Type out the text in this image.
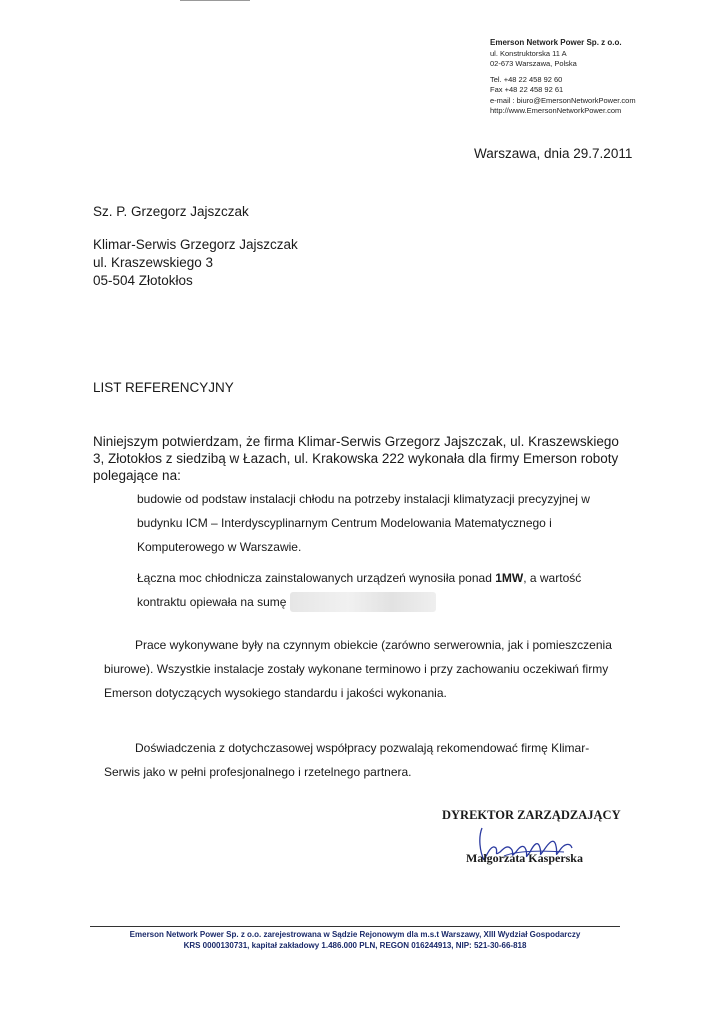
Emerson Network Power Sp. z o.o.
ul. Konstruktorska 11 A
02-673 Warszawa, Polska
Tel. +48 22 458 92 60
Fax +48 22 458 92 61
e-mail : biuro@EmersonNetworkPower.com
http://www.EmersonNetworkPower.com
Warszawa, dnia 29.7.2011
Sz. P. Grzegorz Jajszczak
Klimar-Serwis Grzegorz Jajszczak
ul. Kraszewskiego 3
05-504 Złotokłos
LIST REFERENCYJNY
Niniejszym potwierdzam, że firma Klimar-Serwis Grzegorz Jajszczak, ul. Kraszewskiego 3, Złotokłos z siedzibą w Łazach, ul. Krakowska 222 wykonała dla firmy Emerson roboty polegające na:
budowie od podstaw instalacji chłodu na potrzeby instalacji klimatyzacji precyzyjnej w budynku ICM – Interdyscyplinarnym Centrum Modelowania Matematycznego i Komputerowego w Warszawie.
Łączna moc chłodnicza zainstalowanych urządzeń wynosiła ponad 1MW, a wartość kontraktu opiewała na sumę
Prace wykonywane były na czynnym obiekcie (zarówno serwerownia, jak i pomieszczenia biurowe). Wszystkie instalacje zostały wykonane terminowo i przy zachowaniu oczekiwań firmy Emerson dotyczących wysokiego standardu i jakości wykonania.
Doświadczenia z dotychczasowej współpracy pozwalają rekomendować firmę Klimar-Serwis jako w pełni profesjonalnego i rzetelnego partnera.
DYREKTOR ZARZĄDZAJĄCY
Małgorzata Kasperska
Emerson Network Power Sp. z o.o. zarejestrowana w Sądzie Rejonowym dla m.s.t Warszawy, XIII Wydział Gospodarczy
KRS 0000130731, kapitał zakładowy 1.486.000 PLN, REGON 016244913, NIP: 521-30-66-818
